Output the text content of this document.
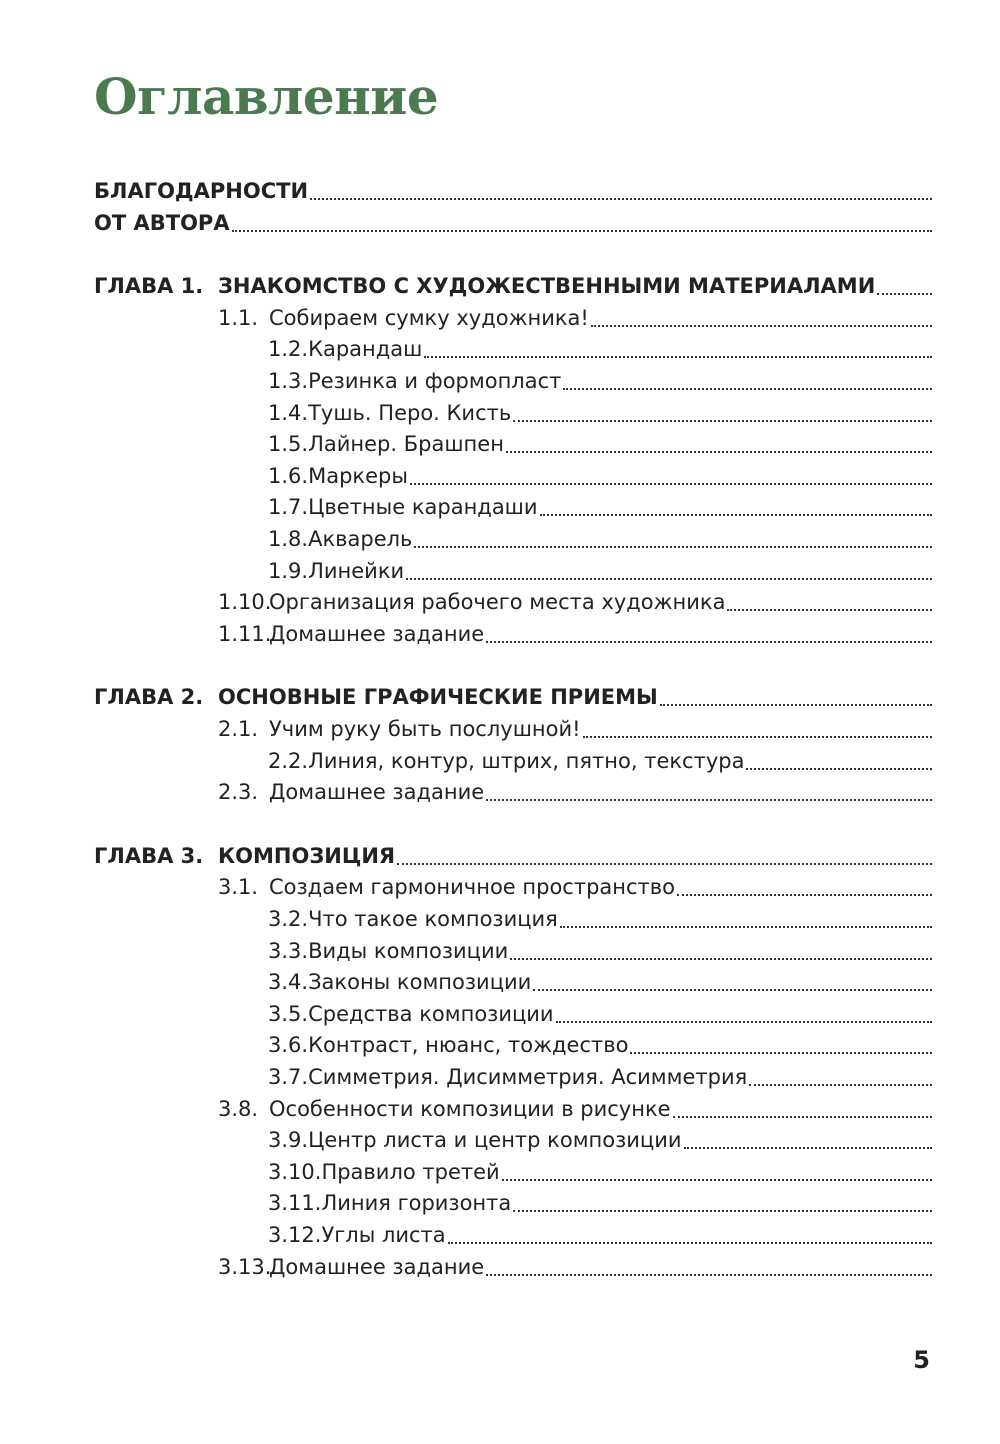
Оглавление
БЛАГОДАРНОСТИ
ОТ АВТОРА
ГЛАВА 1. ЗНАКОМСТВО С ХУДОЖЕСТВЕННЫМИ МАТЕРИАЛАМИ
1.1. Собираем сумку художника!
1.2. Карандаш
1.3. Резинка и формопласт
1.4. Тушь. Перо. Кисть
1.5. Лайнер. Брашпен
1.6. Маркеры
1.7. Цветные карандаши
1.8. Акварель
1.9. Линейки
1.10.
Организация рабочего места художника
1.11.
Домашнее задание
ГЛАВА 2. ОСНОВНЫЕ ГРАФИЧЕСКИЕ ПРИЕМЫ
2.1. Учим руку быть послушной!
2.2. Линия, контур, штрих, пятно, текстура
2.3. Домашнее задание
ГЛАВА 3. КОМПОЗИЦИЯ
3.1. Создаем гармоничное пространство
3.2. Что такое композиция
3.3. Виды композиции
3.4. Законы композиции
3.5. Средства композиции
3.6. Контраст, нюанс, тождество
3.7. Симметрия. Дисимметрия. Асимметрия
3.8. Особенности композиции в рисунке
3.9. Центр листа и центр композиции
3.10. Правило третей
3.11. Линия горизонта
3.12. Углы листа
3.13.
Домашнее задание
5
